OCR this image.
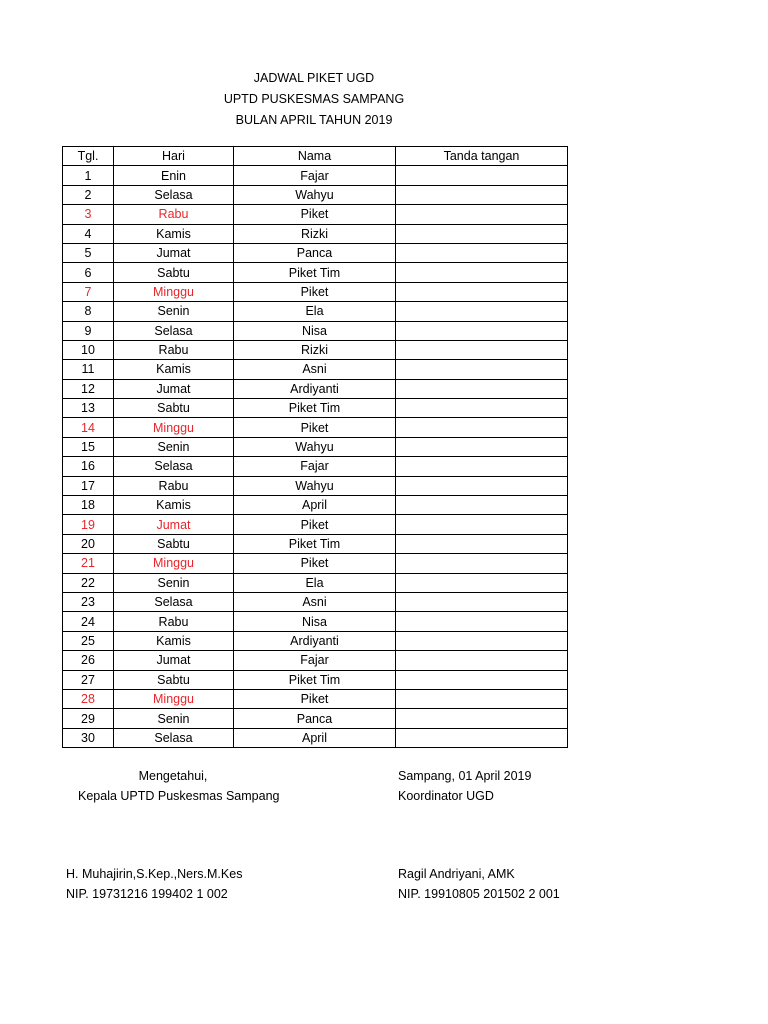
JADWAL PIKET UGD
UPTD PUSKESMAS SAMPANG
BULAN APRIL TAHUN 2019
Tgl.	Hari	Nama	Tanda tangan
1	Enin	Fajar	
2	Selasa	Wahyu	
3	Rabu	Piket	
4	Kamis	Rizki	
5	Jumat	Panca	
6	Sabtu	Piket Tim	
7	Minggu	Piket	
8	Senin	Ela	
9	Selasa	Nisa	
10	Rabu	Rizki	
11	Kamis	Asni	
12	Jumat	Ardiyanti	
13	Sabtu	Piket Tim	
14	Minggu	Piket	
15	Senin	Wahyu	
16	Selasa	Fajar	
17	Rabu	Wahyu	
18	Kamis	April	
19	Jumat	Piket	
20	Sabtu	Piket Tim	
21	Minggu	Piket	
22	Senin	Ela	
23	Selasa	Asni	
24	Rabu	Nisa	
25	Kamis	Ardiyanti	
26	Jumat	Fajar	
27	Sabtu	Piket Tim	
28	Minggu	Piket	
29	Senin	Panca	
30	Selasa	April	
Mengetahui,
Kepala UPTD Puskesmas Sampang
Sampang, 01 April 2019
Koordinator UGD
H. Muhajirin,S.Kep.,Ners.M.Kes
NIP. 19731216 199402 1 002
Ragil Andriyani, AMK
NIP. 19910805 201502 2 001
